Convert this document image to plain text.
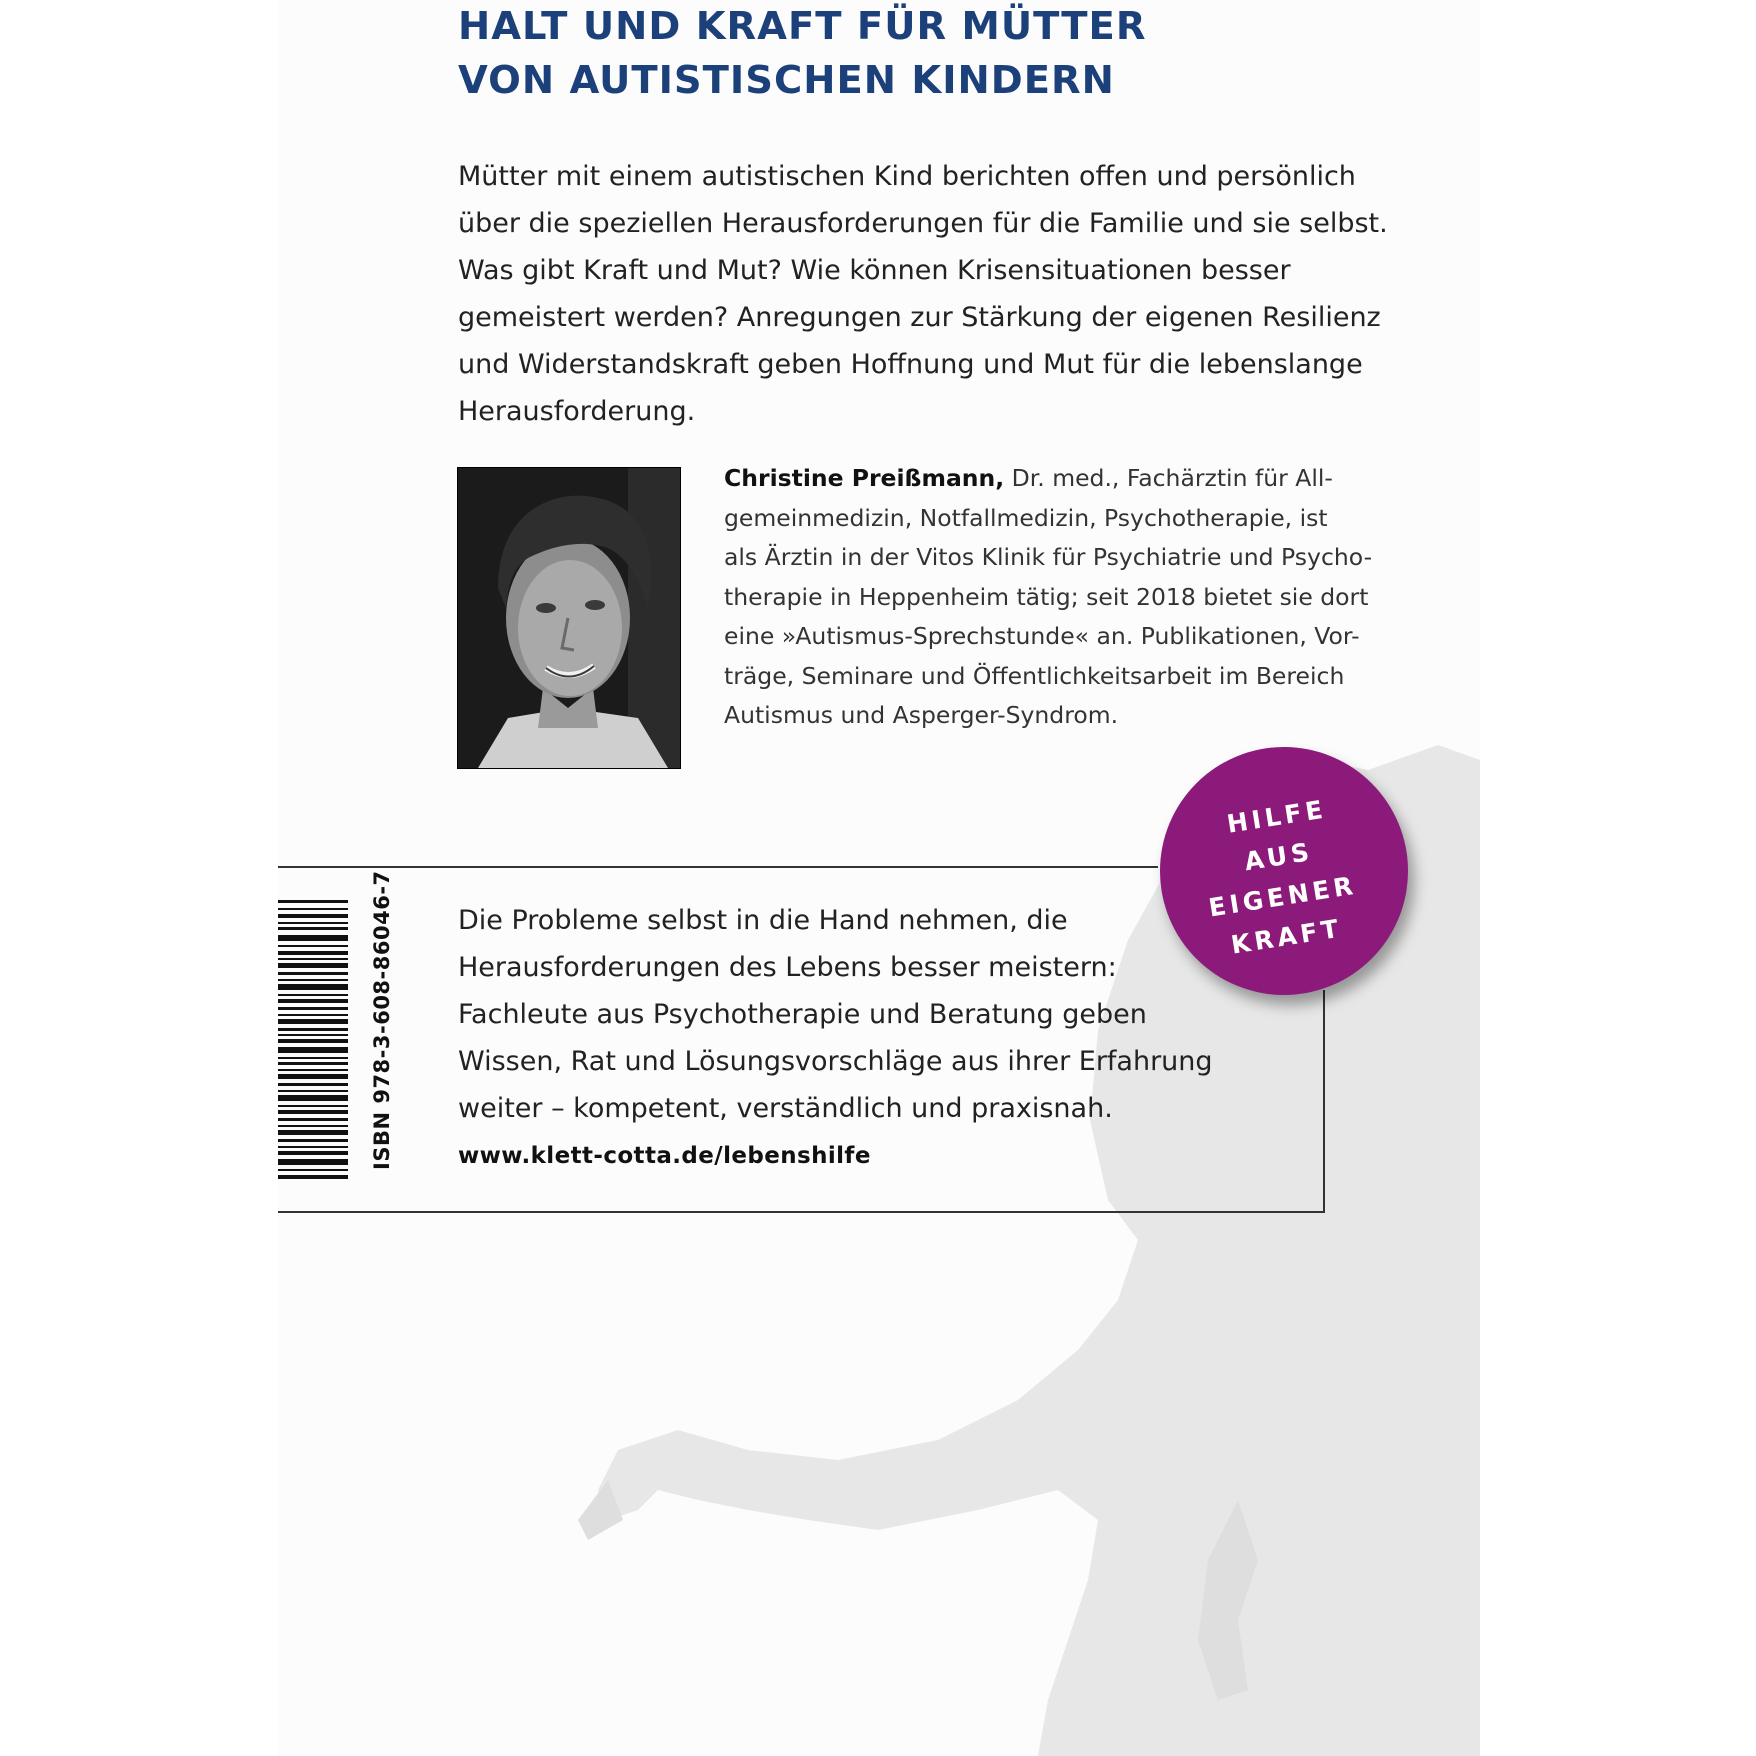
HALT UND KRAFT FÜR MÜTTER
VON AUTISTISCHEN KINDERN

Mütter mit einem autistischen Kind berichten offen und persönlich
über die speziellen Herausforderungen für die Familie und sie selbst.
Was gibt Kraft und Mut? Wie können Krisensituationen besser
gemeistert werden? Anregungen zur Stärkung der eigenen Resilienz
und Widerstandskraft geben Hoffnung und Mut für die lebenslange
Herausforderung.

Christine Preißmann, Dr. med., Fachärztin für All-
gemeinmedizin, Notfallmedizin, Psychotherapie, ist
als Ärztin in der Vitos Klinik für Psychiatrie und Psycho-
therapie in Heppenheim tätig; seit 2018 bietet sie dort
eine »Autismus-Sprechstunde« an. Publikationen, Vor-
träge, Seminare und Öffentlichkeitsarbeit im Bereich
Autismus und Asperger-Syndrom.

ISBN 978-3-608-86046-7 Die Probleme selbst in die Hand nehmen, die
Herausforderungen des Lebens besser meistern:
Fachleute aus Psychotherapie und Beratung geben
Wissen, Rat und Lösungsvorschläge aus ihrer Erfahrung
weiter – kompetent, verständlich und praxisnah.

www.klett-cotta.de/lebenshilfe
HILFE
AUS
EIGENER
KRAFT
